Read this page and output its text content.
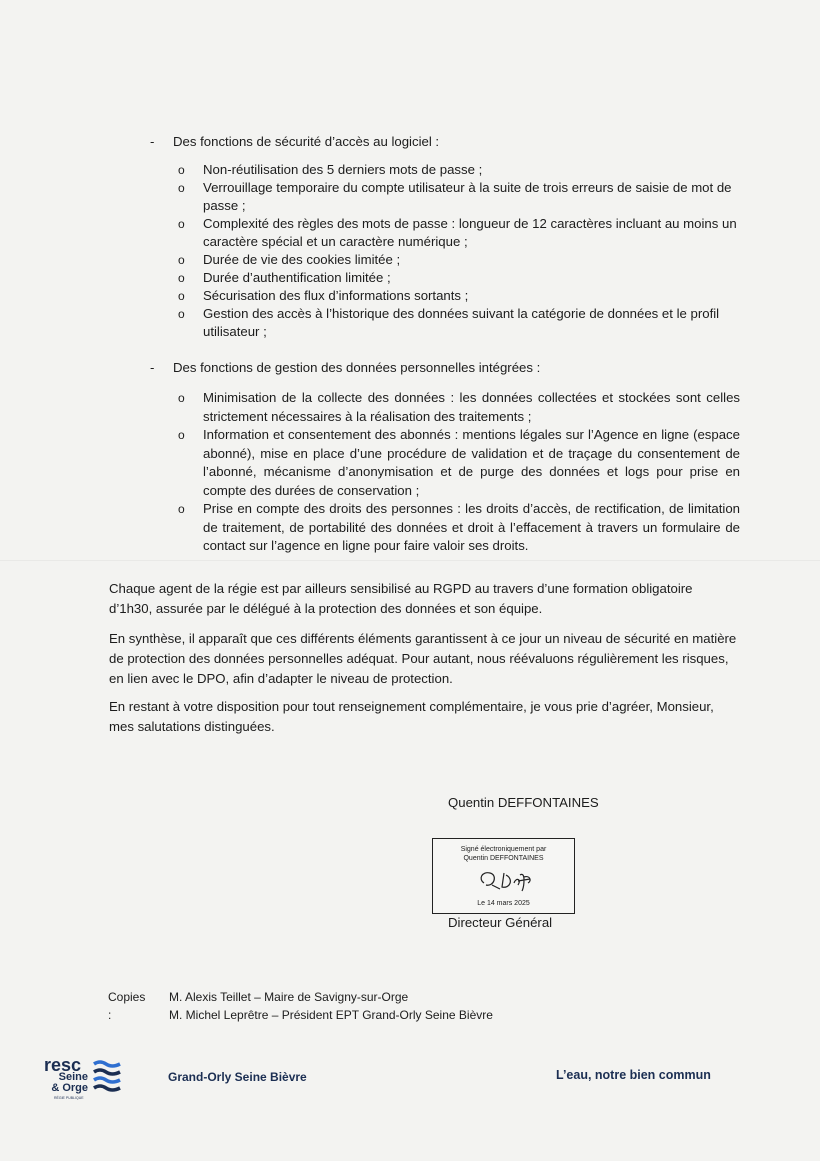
- Des fonctions de sécurité d’accès au logiciel :
o Non-réutilisation des 5 derniers mots de passe ;
o Verrouillage temporaire du compte utilisateur à la suite de trois erreurs de saisie de mot de passe ;
o Complexité des règles des mots de passe : longueur de 12 caractères incluant au moins un caractère spécial et un caractère numérique ;
o Durée de vie des cookies limitée ;
o Durée d’authentification limitée ;
o Sécurisation des flux d’informations sortants ;
o Gestion des accès à l’historique des données suivant la catégorie de données et le profil utilisateur ;
- Des fonctions de gestion des données personnelles intégrées :
o Minimisation de la collecte des données : les données collectées et stockées sont celles strictement nécessaires à la réalisation des traitements ;
o Information et consentement des abonnés : mentions légales sur l’Agence en ligne (espace abonné), mise en place d’une procédure de validation et de traçage du consentement de l’abonné, mécanisme d’anonymisation et de purge des données et logs pour prise en compte des durées de conservation ;
o Prise en compte des droits des personnes : les droits d’accès, de rectification, de limitation de traitement, de portabilité des données et droit à l’effacement à travers un formulaire de contact sur l’agence en ligne pour faire valoir ses droits.
Chaque agent de la régie est par ailleurs sensibilisé au RGPD au travers d’une formation obligatoire d’1h30, assurée par le délégué à la protection des données et son équipe.
En synthèse, il apparaît que ces différents éléments garantissent à ce jour un niveau de sécurité en matière de protection des données personnelles adéquat. Pour autant, nous réévaluons régulièrement les risques, en lien avec le DPO, afin d’adapter le niveau de protection.
En restant à votre disposition pour tout renseignement complémentaire, je vous prie d’agréer, Monsieur, mes salutations distinguées.
Quentin DEFFONTAINES
Signé électroniquement par
Quentin DEFFONTAINES
Le 14 mars 2025
Directeur Général
Copies :
M. Alexis Teillet – Maire de Savigny-sur-Orge
M. Michel Leprêtre – Président EPT Grand-Orly Seine Bièvre
resc
Seine
& Orge
RÉGIE PUBLIQUE
Grand-Orly Seine Bièvre	L’eau, notre bien commun
